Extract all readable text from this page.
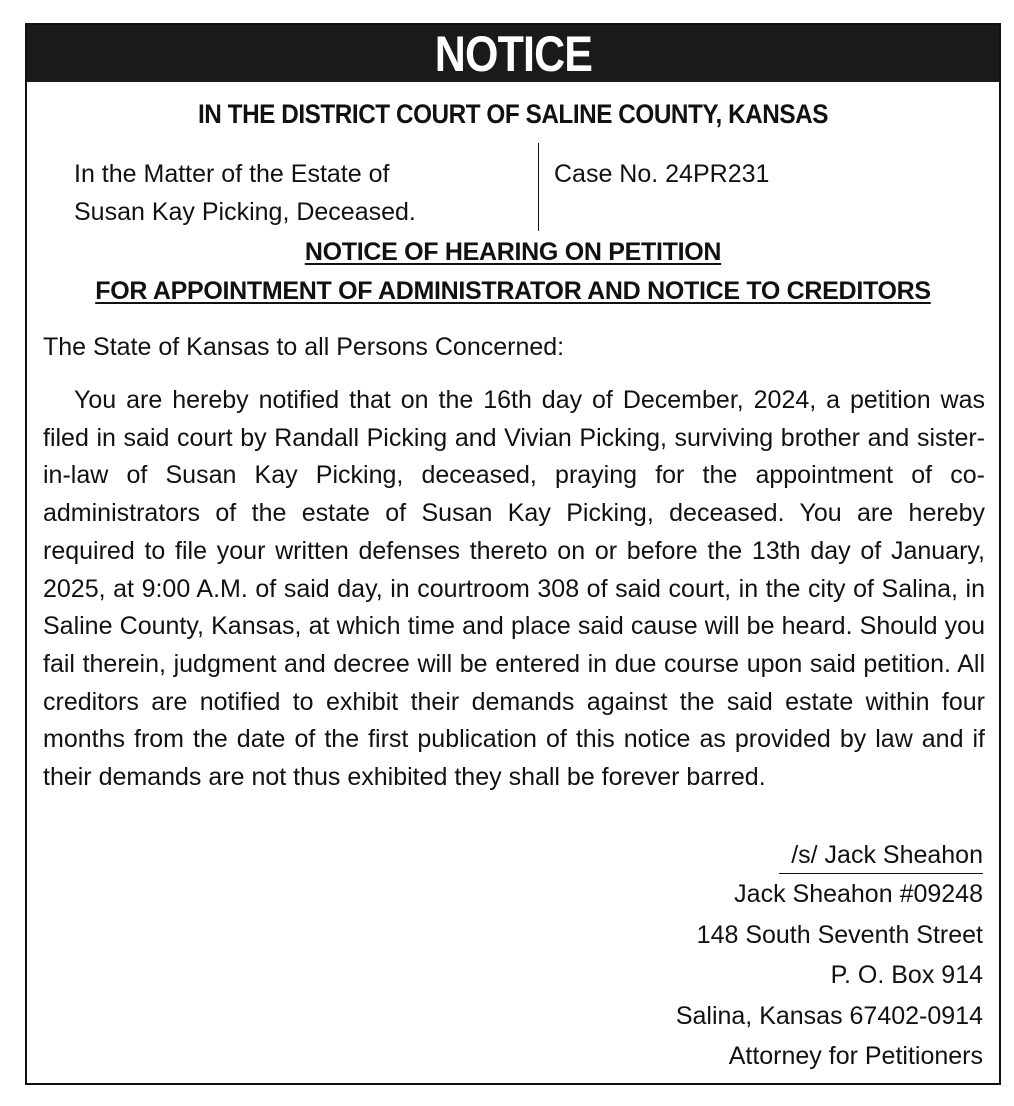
NOTICE
IN THE DISTRICT COURT OF SALINE COUNTY, KANSAS
In the Matter of the Estate of
Susan Kay Picking, Deceased.
Case No. 24PR231
NOTICE OF HEARING ON PETITION
FOR APPOINTMENT OF ADMINISTRATOR AND NOTICE TO CREDITORS
The State of Kansas to all Persons Concerned:

You are hereby notified that on the 16th day of December, 2024, a petition was filed in said court by Randall Picking and Vivian Picking, surviving brother and sister-in-law of Susan Kay Picking, deceased, praying for the appointment of co-administrators of the estate of Susan Kay Picking, deceased. You are hereby required to file your written defenses thereto on or before the 13th day of January, 2025, at 9:00 A.M. of said day, in courtroom 308 of said court, in the city of Salina, in Saline County, Kansas, at which time and place said cause will be heard. Should you fail therein, judgment and decree will be entered in due course upon said petition. All creditors are notified to exhibit their demands against the said estate within four months from the date of the first publication of this notice as provided by law and if their demands are not thus exhibited they shall be forever barred.

/s/ Jack Sheahon
Jack Sheahon #09248
148 South Seventh Street
P. O. Box 914
Salina, Kansas 67402-0914
Attorney for Petitioners
